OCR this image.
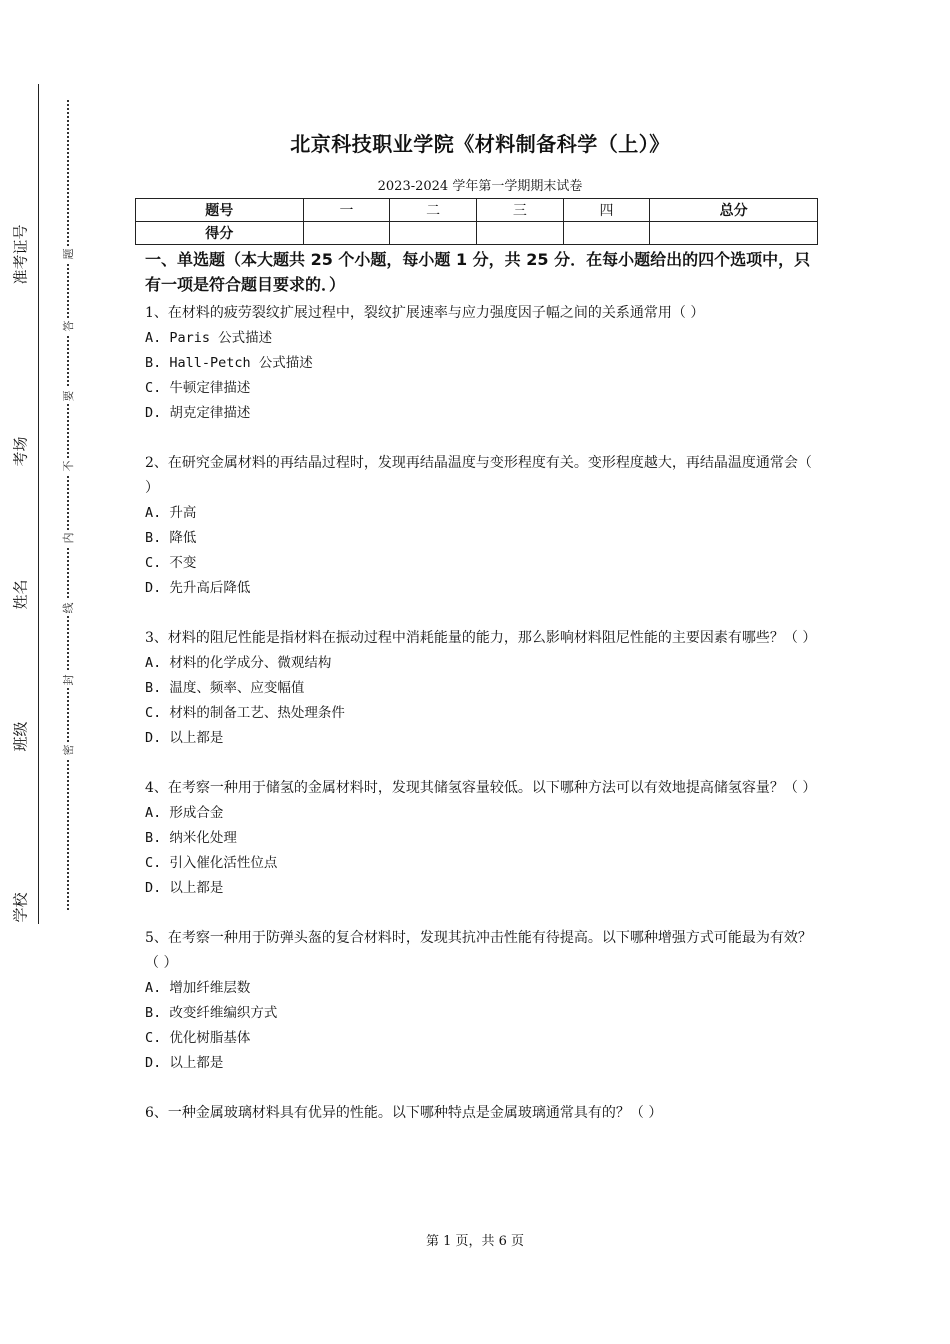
准考证号
考场
姓名
班级
学校
题
答
要
不
内
线
封
密
北京科技职业学院《材料制备科学（上）》
2023-2024 学年第一学期期末试卷
题号	一	二	三	四	总分
得分					
一、单选题（本大题共 25 个小题，每小题 1 分，共 25 分．在每小题给出的四个选项中，只有一项是符合题目要求的．）

1、在材料的疲劳裂纹扩展过程中，裂纹扩展速率与应力强度因子幅之间的关系通常用（ ）

A. Paris 公式描述

B. Hall-Petch 公式描述

C. 牛顿定律描述

D. 胡克定律描述

2、在研究金属材料的再结晶过程时，发现再结晶温度与变形程度有关。变形程度越大，再结晶温度通常会（ ）

A. 升高

B. 降低

C. 不变

D. 先升高后降低

3、材料的阻尼性能是指材料在振动过程中消耗能量的能力，那么影响材料阻尼性能的主要因素有哪些？（ ）

A. 材料的化学成分、微观结构

B. 温度、频率、应变幅值

C. 材料的制备工艺、热处理条件

D. 以上都是

4、在考察一种用于储氢的金属材料时，发现其储氢容量较低。以下哪种方法可以有效地提高储氢容量？（ ）

A. 形成合金

B. 纳米化处理

C. 引入催化活性位点

D. 以上都是

5、在考察一种用于防弹头盔的复合材料时，发现其抗冲击性能有待提高。以下哪种增强方式可能最为有效？（ ）

A. 增加纤维层数

B. 改变纤维编织方式

C. 优化树脂基体

D. 以上都是

6、一种金属玻璃材料具有优异的性能。以下哪种特点是金属玻璃通常具有的？（ ）

第 1 页，共 6 页
